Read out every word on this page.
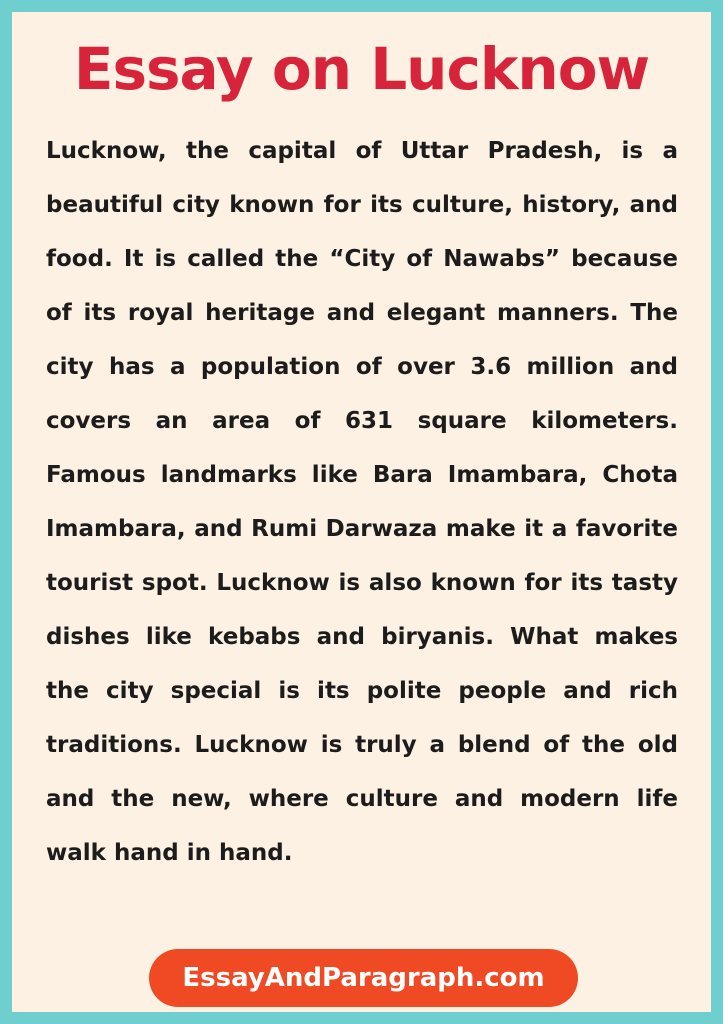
Essay on Lucknow

Lucknow, the capital of Uttar Pradesh, is a beautiful city known for its culture, history, and food. It is called the “City of Nawabs” because of its royal heritage and elegant manners. The city has a population of over 3.6 million and covers an area of 631 square kilometers. Famous landmarks like Bara Imambara, Chota Imambara, and Rumi Darwaza make it a favorite tourist spot. Lucknow is also known for its tasty dishes like kebabs and biryanis. What makes the city special is its polite people and rich traditions. Lucknow is truly a blend of the old and the new, where culture and modern life walk hand in hand.

EssayAndParagraph.com
